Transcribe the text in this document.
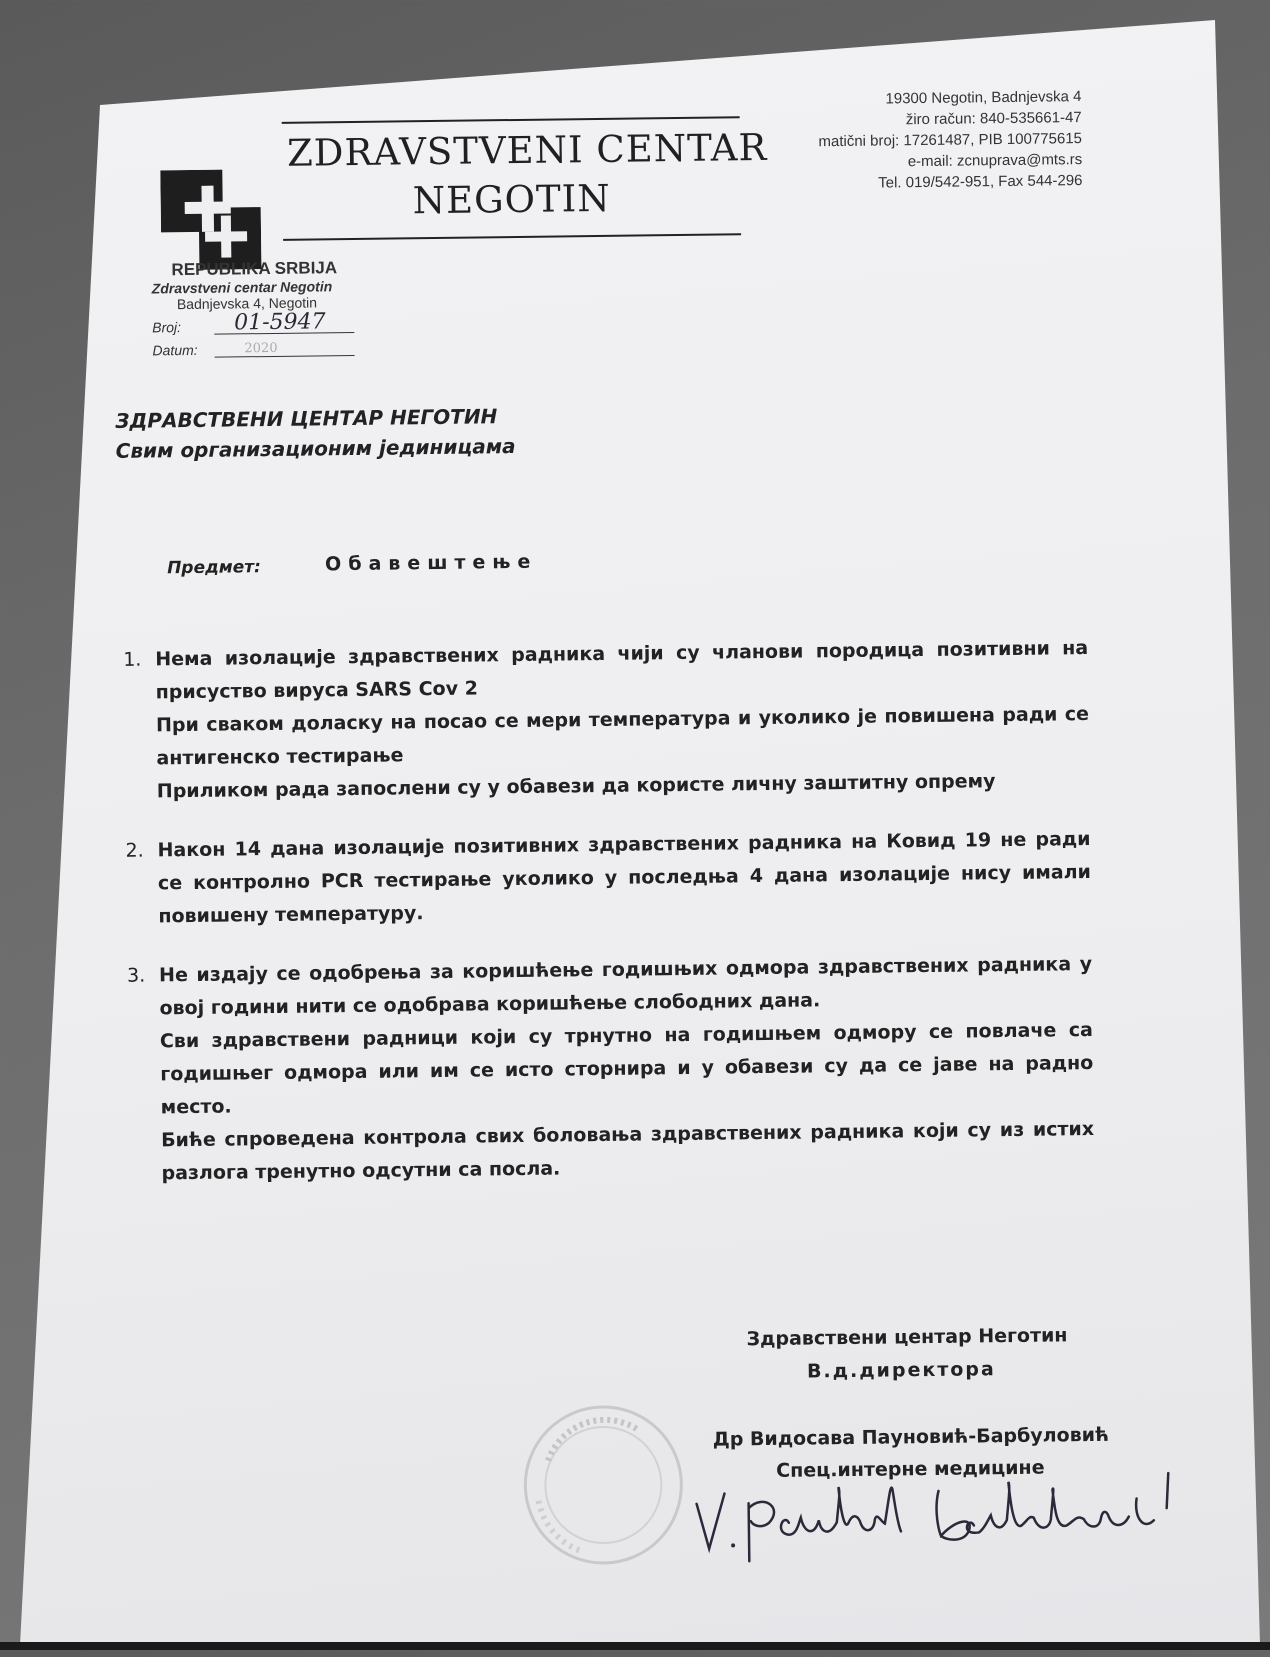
ZDRAVSTVENI CENTAR
NEGOTIN
19300 Negotin, Badnjevska 4
žiro račun: 840-535661-47
matični broj: 17261487, PIB 100775615
e-mail: zcnuprava@mts.rs
Tel. 019/542-951, Fax 544-296
REPUBLIKA SRBIJA
Zdravstveni centar Negotin
Badnjevska 4, Negotin
Broj:	01-5947
Datum:	2020
ЗДРАВСТВЕНИ ЦЕНТАР НЕГОТИН
Свим организационим јединицама
Предмет:	Обавештење
1. Нема изолације здравствених радника чији су чланови породица позитивни на присуство вируса SARS Cov 2

При сваком доласку на посао се мери температура и уколико је повишена ради се антигенско тестирање

Приликом рада запослени су у обавези да користе личну заштитну опрему

2. Након 14 дана изолације позитивних здравствених радника на Ковид 19 не ради се контролно PCR тестирање уколико у последња 4 дана изолације нису имали повишену температуру.

3. Не издају се одобрења за коришћење годишњих одмора здравствених радника у овој години нити се одобрава коришћење слободних дана.

Сви здравствени радници који су трнутно на годишњем одмору се повлаче са годишњег одмора или им се исто сторнира и у обавези су да се јаве на радно место.

Биће спроведена контрола свих боловања здравствених радника који су из истих разлога тренутно одсутни са посла.

Здравствени центар Неготин
В.д.директора
Др Видосава Пауновић-Барбуловић
Спец.интерне медицине
